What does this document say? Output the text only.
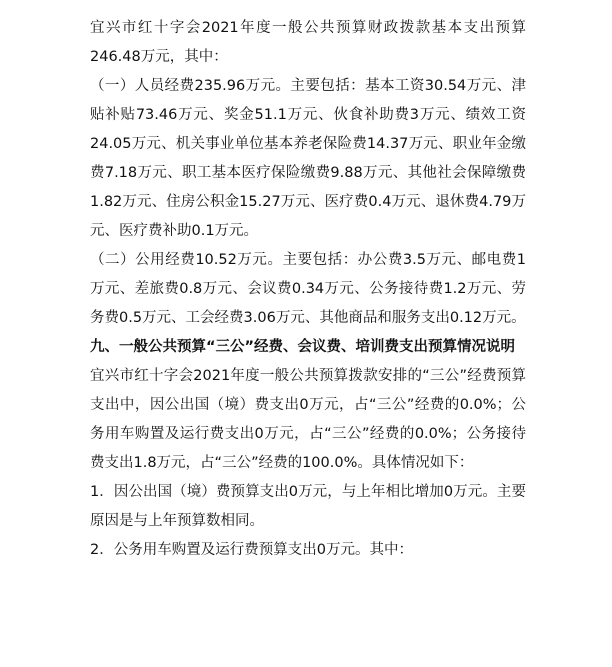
宜兴市红十字会2021年度一般公共预算财政拨款基本支出预算246.48万元，其中：

（一）人员经费235.96万元。主要包括：基本工资30.54万元、津贴补贴73.46万元、奖金51.1万元、伙食补助费3万元、绩效工资24.05万元、机关事业单位基本养老保险费14.37万元、职业年金缴费7.18万元、职工基本医疗保险缴费9.88万元、其他社会保障缴费1.82万元、住房公积金15.27万元、医疗费0.4万元、退休费4.79万元、医疗费补助0.1万元。

（二）公用经费10.52万元。主要包括：办公费3.5万元、邮电费1万元、差旅费0.8万元、会议费0.34万元、公务接待费1.2万元、劳务费0.5万元、工会经费3.06万元、其他商品和服务支出0.12万元。

九、一般公共预算“三公”经费、会议费、培训费支出预算情况说明

宜兴市红十字会2021年度一般公共预算拨款安排的“三公”经费预算支出中，因公出国（境）费支出0万元，占“三公”经费的0.0%；公务用车购置及运行费支出0万元，占“三公”经费的0.0%；公务接待费支出1.8万元，占“三公”经费的100.0%。具体情况如下：

1．因公出国（境）费预算支出0万元，与上年相比增加0万元。主要原因是与上年预算数相同。

2．公务用车购置及运行费预算支出0万元。其中：
